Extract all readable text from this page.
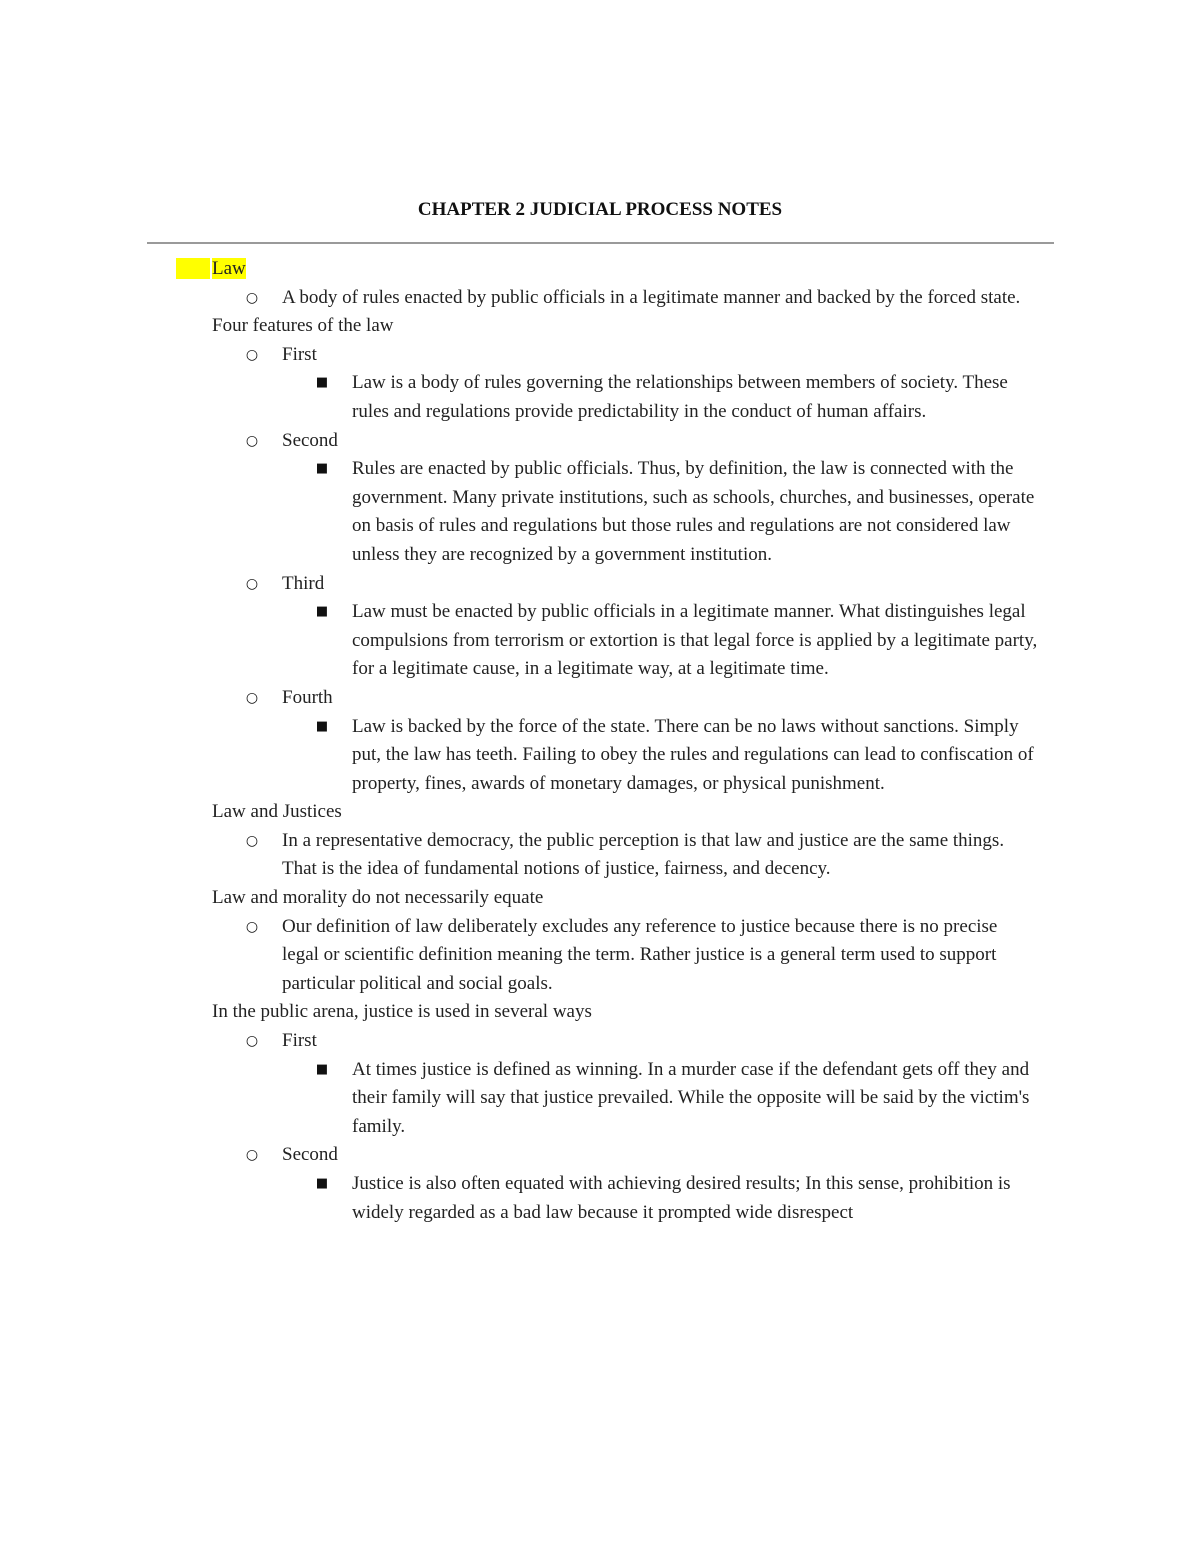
CHAPTER 2 JUDICIAL PROCESS NOTES
Law
○ A body of rules enacted by public officials in a legitimate manner and backed by the forced state.
Four features of the law
○ First
■ Law is a body of rules governing the relationships between members of society. These rules and regulations provide predictability in the conduct of human affairs.
○ Second
■ Rules are enacted by public officials. Thus, by definition, the law is connected with the government. Many private institutions, such as schools, churches, and businesses, operate on basis of rules and regulations but those rules and regulations are not considered law unless they are recognized by a government institution.
○ Third
■ Law must be enacted by public officials in a legitimate manner. What distinguishes legal compulsions from terrorism or extortion is that legal force is applied by a legitimate party, for a legitimate cause, in a legitimate way, at a legitimate time.
○ Fourth
■ Law is backed by the force of the state. There can be no laws without sanctions. Simply put, the law has teeth. Failing to obey the rules and regulations can lead to confiscation of property, fines, awards of monetary damages, or physical punishment.
Law and Justices
○ In a representative democracy, the public perception is that law and justice are the same things. That is the idea of fundamental notions of justice, fairness, and decency.
Law and morality do not necessarily equate
○ Our definition of law deliberately excludes any reference to justice because there is no precise legal or scientific definition meaning the term. Rather justice is a general term used to support particular political and social goals.
In the public arena, justice is used in several ways
○ First
■ At times justice is defined as winning. In a murder case if the defendant gets off they and their family will say that justice prevailed. While the opposite will be said by the victim's family.
○ Second
■ Justice is also often equated with achieving desired results; In this sense, prohibition is widely regarded as a bad law because it prompted wide disrespect
